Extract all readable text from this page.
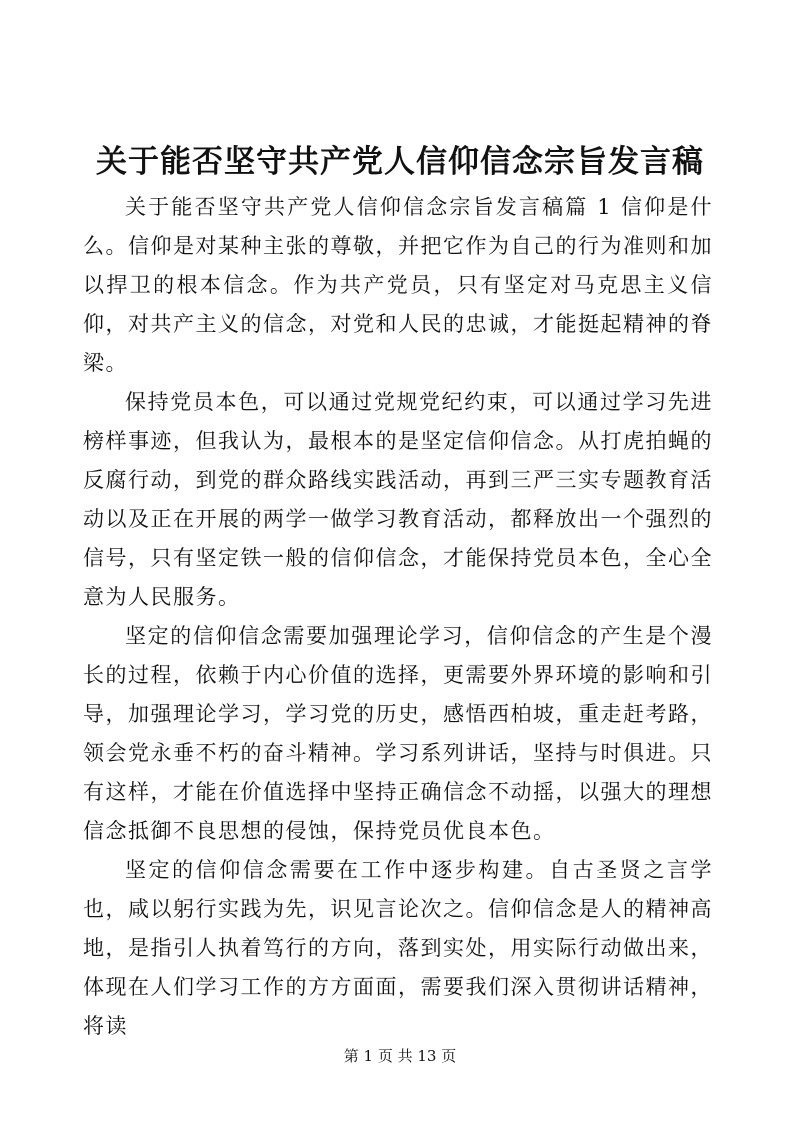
关于能否坚守共产党人信仰信念宗旨发言稿

关于能否坚守共产党人信仰信念宗旨发言稿篇 1 信仰是什么。信仰是对某种主张的尊敬，并把它作为自己的行为准则和加以捍卫的根本信念。作为共产党员，只有坚定对马克思主义信仰，对共产主义的信念，对党和人民的忠诚，才能挺起精神的脊梁。

保持党员本色，可以通过党规党纪约束，可以通过学习先进榜样事迹，但我认为，最根本的是坚定信仰信念。从打虎拍蝇的反腐行动，到党的群众路线实践活动，再到三严三实专题教育活动以及正在开展的两学一做学习教育活动，都释放出一个强烈的信号，只有坚定铁一般的信仰信念，才能保持党员本色，全心全意为人民服务。

坚定的信仰信念需要加强理论学习，信仰信念的产生是个漫长的过程，依赖于内心价值的选择，更需要外界环境的影响和引导，加强理论学习，学习党的历史，感悟西柏坡，重走赶考路，领会党永垂不朽的奋斗精神。学习系列讲话，坚持与时俱进。只有这样，才能在价值选择中坚持正确信念不动摇，以强大的理想信念抵御不良思想的侵蚀，保持党员优良本色。

坚定的信仰信念需要在工作中逐步构建。自古圣贤之言学也，咸以躬行实践为先，识见言论次之。信仰信念是人的精神高地，是指引人执着笃行的方向，落到实处，用实际行动做出来，体现在人们学习工作的方方面面，需要我们深入贯彻讲话精神，将读

第 1 页 共 13 页
